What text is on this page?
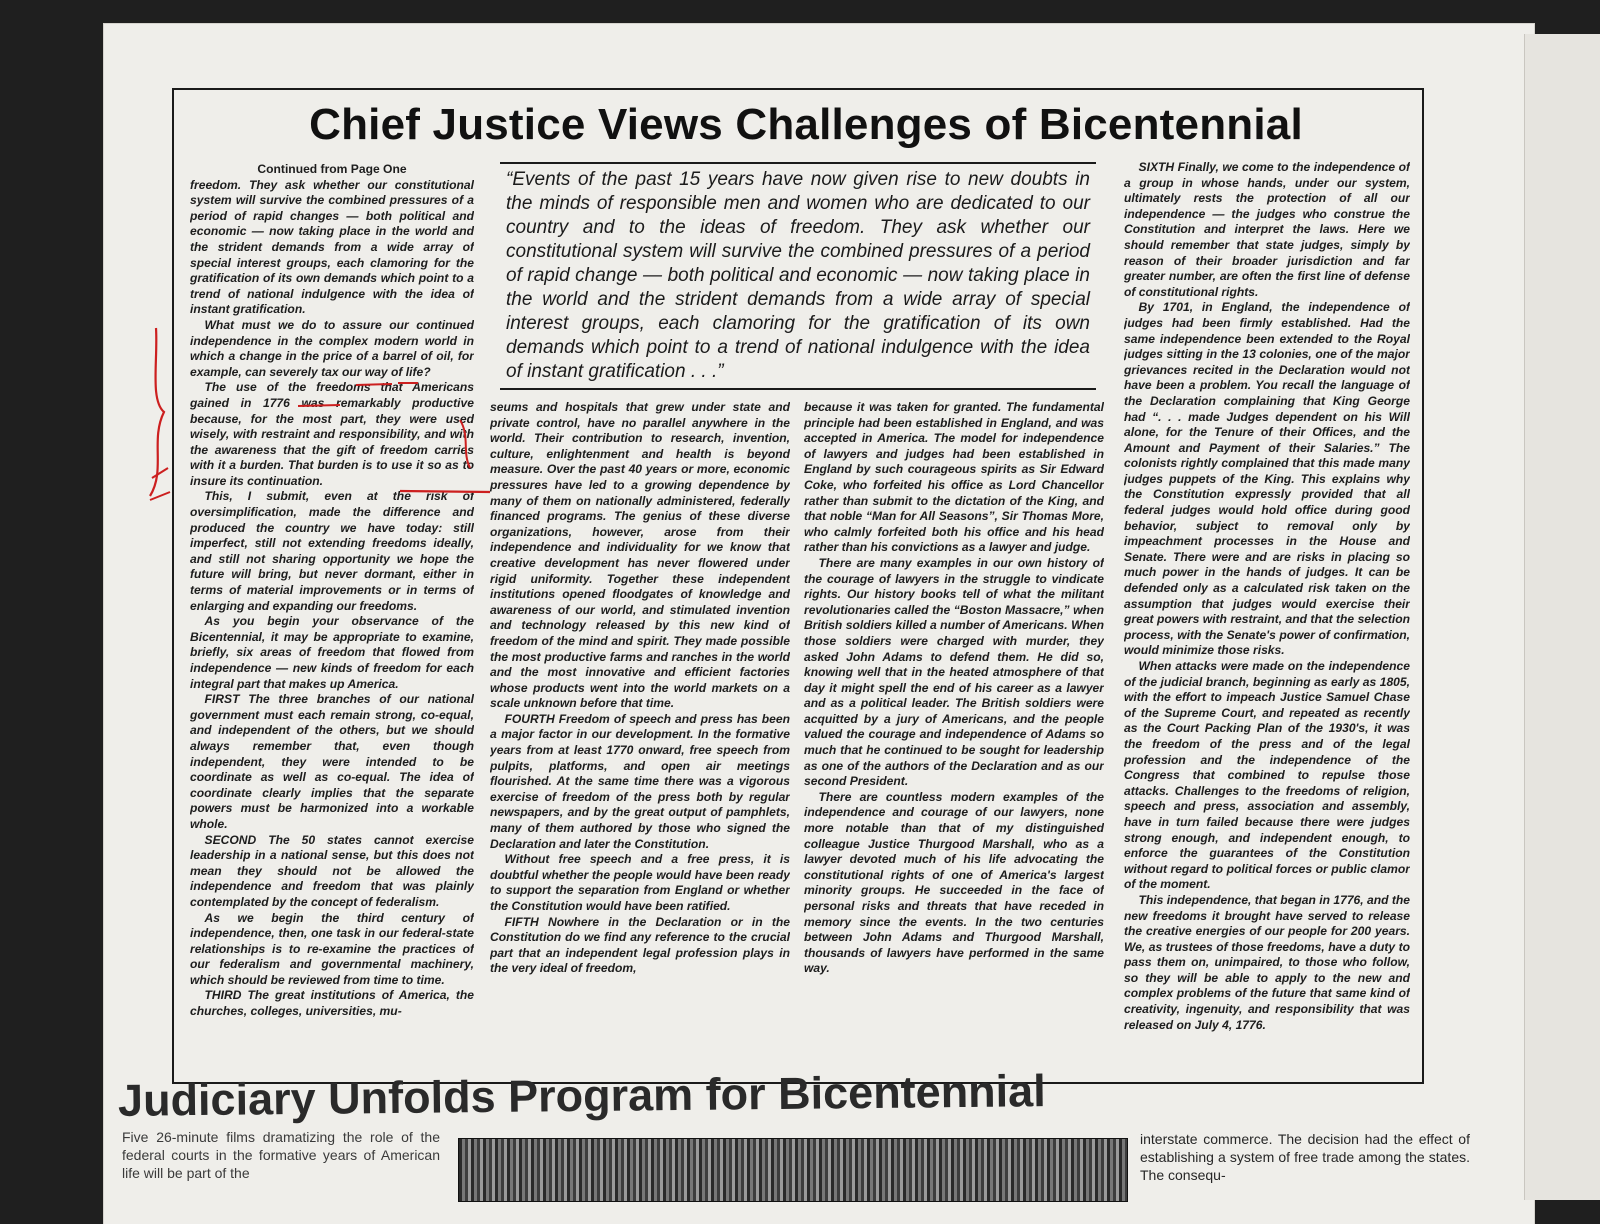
Chief Justice Views Challenges of Bicentennial

Continued from Page One

freedom. They ask whether our constitutional system will survive the combined pressures of a period of rapid changes — both political and economic — now taking place in the world and the strident demands from a wide array of special interest groups, each clamoring for the gratification of its own demands which point to a trend of national indulgence with the idea of instant gratification.

What must we do to assure our continued independence in the complex modern world in which a change in the price of a barrel of oil, for example, can severely tax our way of life?

The use of the freedoms that Americans gained in 1776 was remarkably productive because, for the most part, they were used wisely, with restraint and responsibility, and with the awareness that the gift of freedom carries with it a burden. That burden is to use it so as to insure its continuation.

This, I submit, even at the risk of oversimplification, made the difference and produced the country we have today: still imperfect, still not extending freedoms ideally, and still not sharing opportunity we hope the future will bring, but never dormant, either in terms of material improvements or in terms of enlarging and expanding our freedoms.

As you begin your observance of the Bicentennial, it may be appropriate to examine, briefly, six areas of freedom that flowed from independence — new kinds of freedom for each integral part that makes up America.

FIRST The three branches of our national government must each remain strong, co-equal, and independent of the others, but we should always remember that, even though independent, they were intended to be coordinate as well as co-equal. The idea of coordinate clearly implies that the separate powers must be harmonized into a workable whole.

SECOND The 50 states cannot exercise leadership in a national sense, but this does not mean they should not be allowed the independence and freedom that was plainly contemplated by the concept of federalism.

As we begin the third century of independence, then, one task in our federal-state relationships is to re-examine the practices of our federalism and governmental machinery, which should be reviewed from time to time.

THIRD The great institutions of America, the churches, colleges, universities, mu-

“Events of the past 15 years have now given rise to new doubts in the minds of responsible men and women who are dedicated to our country and to the ideas of freedom. They ask whether our constitutional system will survive the combined pressures of a period of rapid change — both political and economic — now taking place in the world and the strident demands from a wide array of special interest groups, each clamoring for the gratification of its own demands which point to a trend of national indulgence with the idea of instant gratification . . .”

seums and hospitals that grew under state and private control, have no parallel anywhere in the world. Their contribution to research, invention, culture, enlightenment and health is beyond measure. Over the past 40 years or more, economic pressures have led to a growing dependence by many of them on nationally administered, federally financed programs. The genius of these diverse organizations, however, arose from their independence and individuality for we know that creative development has never flowered under rigid uniformity. Together these independent institutions opened floodgates of knowledge and awareness of our world, and stimulated invention and technology released by this new kind of freedom of the mind and spirit. They made possible the most productive farms and ranches in the world and the most innovative and efficient factories whose products went into the world markets on a scale unknown before that time.

FOURTH Freedom of speech and press has been a major factor in our development. In the formative years from at least 1770 onward, free speech from pulpits, platforms, and open air meetings flourished. At the same time there was a vigorous exercise of freedom of the press both by regular newspapers, and by the great output of pamphlets, many of them authored by those who signed the Declaration and later the Constitution.

Without free speech and a free press, it is doubtful whether the people would have been ready to support the separation from England or whether the Constitution would have been ratified.

FIFTH Nowhere in the Declaration or in the Constitution do we find any reference to the crucial part that an independent legal profession plays in the very ideal of freedom,

because it was taken for granted. The fundamental principle had been established in England, and was accepted in America. The model for independence of lawyers and judges had been established in England by such courageous spirits as Sir Edward Coke, who forfeited his office as Lord Chancellor rather than submit to the dictation of the King, and that noble “Man for All Seasons”, Sir Thomas More, who calmly forfeited both his office and his head rather than his convictions as a lawyer and judge.

There are many examples in our own history of the courage of lawyers in the struggle to vindicate rights. Our history books tell of what the militant revolutionaries called the “Boston Massacre,” when British soldiers killed a number of Americans. When those soldiers were charged with murder, they asked John Adams to defend them. He did so, knowing well that in the heated atmosphere of that day it might spell the end of his career as a lawyer and as a political leader. The British soldiers were acquitted by a jury of Americans, and the people valued the courage and independence of Adams so much that he continued to be sought for leadership as one of the authors of the Declaration and as our second President.

There are countless modern examples of the independence and courage of our lawyers, none more notable than that of my distinguished colleague Justice Thurgood Marshall, who as a lawyer devoted much of his life advocating the constitutional rights of one of America's largest minority groups. He succeeded in the face of personal risks and threats that have receded in memory since the events. In the two centuries between John Adams and Thurgood Marshall, thousands of lawyers have performed in the same way.

SIXTH Finally, we come to the independence of a group in whose hands, under our system, ultimately rests the protection of all our independence — the judges who construe the Constitution and interpret the laws. Here we should remember that state judges, simply by reason of their broader jurisdiction and far greater number, are often the first line of defense of constitutional rights.

By 1701, in England, the independence of judges had been firmly established. Had the same independence been extended to the Royal judges sitting in the 13 colonies, one of the major grievances recited in the Declaration would not have been a problem. You recall the language of the Declaration complaining that King George had “. . . made Judges dependent on his Will alone, for the Tenure of their Offices, and the Amount and Payment of their Salaries.” The colonists rightly complained that this made many judges puppets of the King. This explains why the Constitution expressly provided that all federal judges would hold office during good behavior, subject to removal only by impeachment processes in the House and Senate. There were and are risks in placing so much power in the hands of judges. It can be defended only as a calculated risk taken on the assumption that judges would exercise their great powers with restraint, and that the selection process, with the Senate's power of confirmation, would minimize those risks.

When attacks were made on the independence of the judicial branch, beginning as early as 1805, with the effort to impeach Justice Samuel Chase of the Supreme Court, and repeated as recently as the Court Packing Plan of the 1930's, it was the freedom of the press and of the legal profession and the independence of the Congress that combined to repulse those attacks. Challenges to the freedoms of religion, speech and press, association and assembly, have in turn failed because there were judges strong enough, and independent enough, to enforce the guarantees of the Constitution without regard to political forces or public clamor of the moment.

This independence, that began in 1776, and the new freedoms it brought have served to release the creative energies of our people for 200 years. We, as trustees of those freedoms, have a duty to pass them on, unimpaired, to those who follow, so they will be able to apply to the new and complex problems of the future that same kind of creativity, ingenuity, and responsibility that was released on July 4, 1776.

Judiciary Unfolds Program for Bicentennial
Five 26-minute films dramatizing the role of the federal courts in the formative years of American life will be part of the
interstate commerce. The decision had the effect of establishing a system of free trade among the states. The consequ-
